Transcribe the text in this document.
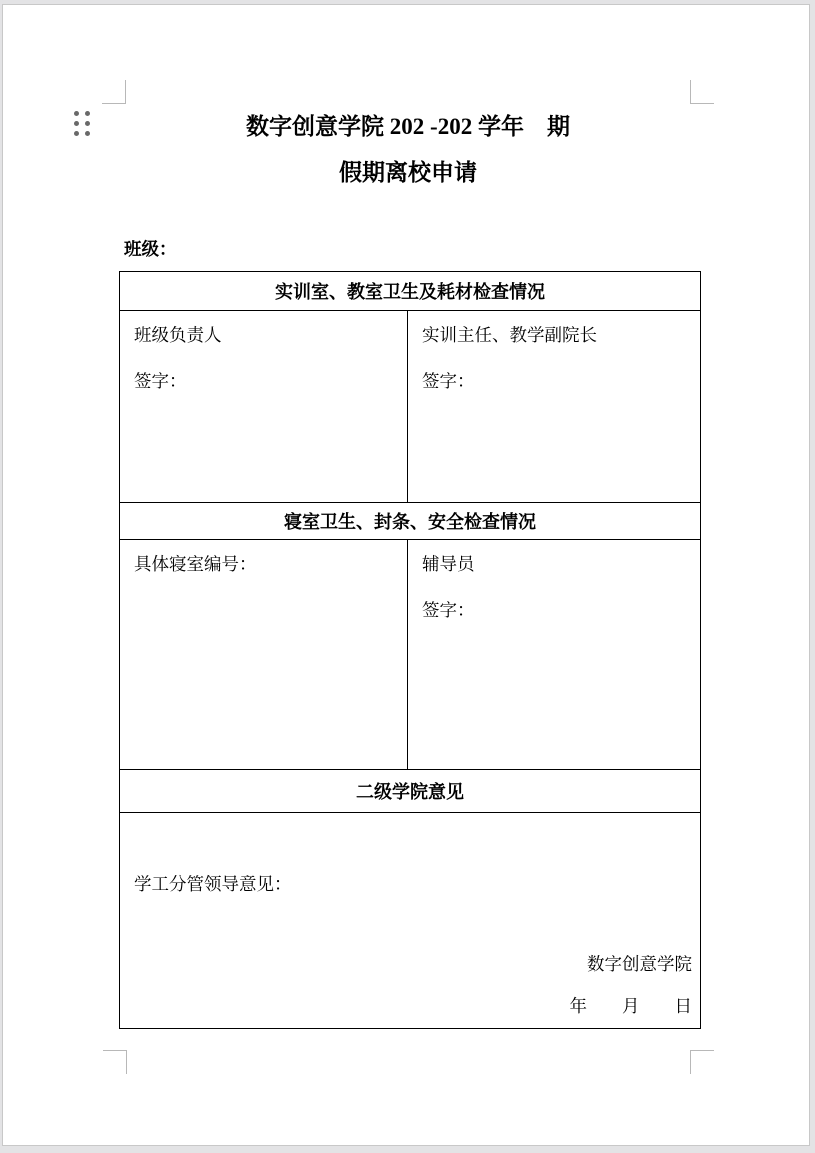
数字创意学院 202 -202 学年　期
假期离校申请
班级：
实训室、教室卫生及耗材检查情况	

班级负责人
签字：

实训主任、教学副院长
签字：

寝室卫生、封条、安全检查情况	

具体寝室编号：	辅导员
签字：

二级学院意见	

学工分管领导意见：
数字创意学院
年　　月　　日	
